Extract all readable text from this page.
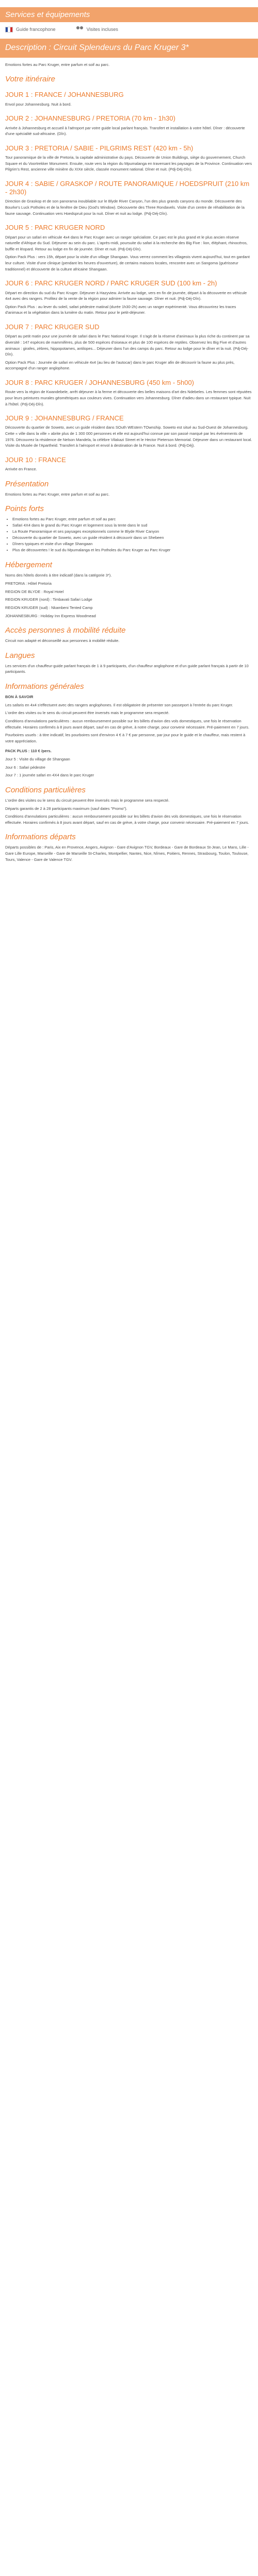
Services et équipements
Guide francophone	Visites incluses
Description : Circuit Splendeurs du Parc Kruger 3*

Emotions fortes au Parc Kruger, entre parfum et soif au parc.

Votre itinéraire
JOUR 1 : FRANCE / JOHANNESBURG

Envol pour Johannesburg. Nuit à bord.

JOUR 2 : JOHANNESBURG / PRETORIA (70 km - 1h30)

Arrivée à Johannesburg et accueil à l'aéroport par votre guide local parlant français. Transfert et installation à votre hôtel. Dîner : découverte d'une spécialité sud-africaine. (Dîn).

JOUR 3 : PRETORIA / SABIE - PILGRIMS REST (420 km - 5h)

Tour panoramique de la ville de Pretoria, la capitale administrative du pays. Découverte de Union Buildings, siège du gouvernement, Church Square et du Voortrekker Monument. Ensuite, route vers la région du Mpumalanga en traversant les paysages de la Province. Continuation vers Pilgrim's Rest, ancienne ville minière du XIXe siècle, classée monument national. Dîner et nuit. (Pdj-Déj-Dîn).

JOUR 4 : SABIE / GRASKOP / ROUTE PANORAMIQUE / HOEDSPRUIT (210 km - 2h30)

Direction de Graskop et de son panorama inoubliable sur le Blyde River Canyon, l'un des plus grands canyons du monde. Découverte des Bourke's Luck Potholes et de la fenêtre de Dieu (God's Window). Découverte des Three Rondavels. Visite d'un centre de réhabilitation de la faune sauvage. Continuation vers Hoedspruit pour la nuit. Dîner et nuit au lodge. (Pdj-Déj-Dîn).

JOUR 5 : PARC KRUGER NORD

Départ pour un safari en véhicule 4x4 dans le Parc Kruger avec un ranger spécialiste. Ce parc est le plus grand et le plus ancien réserve naturelle d'Afrique du Sud. Déjeuner au sein du parc. L'après-midi, poursuite du safari à la recherche des Big Five : lion, éléphant, rhinocéros, buffle et léopard. Retour au lodge en fin de journée. Dîner et nuit. (Pdj-Déj-Dîn).

Option Pack Plus : vers 15h, départ pour la visite d'un village Shangaan. Vous verrez comment les villageois vivent aujourd'hui, tout en gardant leur culture. Visite d'une clinique (pendant les heures d'ouverture), de certains maisons locales, rencontre avec un Sangoma (guérisseur traditionnel) et découverte de la culture africaine Shangaan.

JOUR 6 : PARC KRUGER NORD / PARC KRUGER SUD (100 km - 2h)

Départ en direction du sud du Parc Kruger. Déjeuner à Hazyview. Arrivée au lodge, vers en fin de journée, départ à la découverte en véhicule 4x4 avec des rangers. Profitez de la vente de la région pour admirer la faune sauvage. Dîner et nuit. (Pdj-Déj-Dîn).

Option Pack Plus : au lever du soleil, safari pédestre matinal (durée 1h30-2h) avec un ranger expérimenté. Vous découvrirez les traces d'animaux et la végétation dans la lumière du matin. Retour pour le petit-déjeuner.

JOUR 7 : PARC KRUGER SUD

Départ au petit matin pour une journée de safari dans le Parc National Kruger. Il s'agit de la réserve d'animaux la plus riche du continent par sa diversité : 147 espèces de mammifères, plus de 500 espèces d'oiseaux et plus de 100 espèces de reptiles. Observez les Big Five et d'autres animaux : girafes, zèbres, hippopotames, antilopes... Déjeuner dans l'un des camps du parc. Retour au lodge pour le dîner et la nuit. (Pdj-Déj-Dîn).

Option Pack Plus : Journée de safari en véhicule 4x4 (au lieu de l'autocar) dans le parc Kruger afin de découvrir la faune au plus près, accompagné d'un ranger anglophone.

JOUR 8 : PARC KRUGER / JOHANNESBURG (450 km - 5h00)

Route vers la région de Kwandebele, arrêt déjeuner à la ferme et découverte des belles maisons d'art des Ndebeles. Les femmes sont réputées pour leurs peintures murales géométriques aux couleurs vives. Continuation vers Johannesburg. Dîner d'adieu dans un restaurant typique. Nuit à l'hôtel. (Pdj-Déj-Dîn).

JOUR 9 : JOHANNESBURG / FRANCE

Découverte du quartier de Soweto, avec un guide résident dans SOuth WEstern TOwnship. Soweto est situé au Sud-Ouest de Johannesburg. Cette « ville dans la ville » abrite plus de 1 300 000 personnes et elle est aujourd'hui connue par son passé marqué par les événements de 1976. Découvrez la résidence de Nelson Mandela, la célèbre Vilakazi Street et le Hector Pieterson Memorial. Déjeuner dans un restaurant local. Visite du Musée de l'Apartheid. Transfert à l'aéroport et envol à destination de la France. Nuit à bord. (Pdj-Déj).

JOUR 10 : FRANCE

Arrivée en France.

Présentation

Emotions fortes au Parc Kruger, entre parfum et soif au parc.

Points forts
• Emotions fortes au Parc Kruger, entre parfum et soif au parc
• Safari 4X4 dans le grand du Parc Kruger et logement sous la tente dans le sud
• La Route Panoramique et ses paysages exceptionnels comme le Blyde River Canyon
• Découverte du quartier de Soweto, avec un guide résident à découvrir dans un Shebeen
• Dîners typiques et visite d'un village Shangaan
• Plus de découvertes ! le sud du Mpumalanga et les Potholes du Parc Kruger au Parc Kruger
Hébergement

Noms des hôtels donnés à titre indicatif (dans la catégorie 3*).

PRETORIA : Hôtel Pretoria

REGION DE BLYDE : Royal Hotel

REGION KRUGER (nord) : Timbavati Safari Lodge

REGION KRUGER (sud) : Nkambeni Tented Camp

JOHANNESBURG : Holiday Inn Express Woodmead

Accès personnes à mobilité réduite

Circuit non adapté et déconseillé aux personnes à mobilité réduite.

Langues

Les services d'un chauffeur-guide parlant français de 1 à 9 participants, d'un chauffeur anglophone et d'un guide parlant français à partir de 10 participants.

Informations générales

BON À SAVOIR

Les safaris en 4x4 s'effectuent avec des rangers anglophones. Il est obligatoire de présenter son passeport à l'entrée du parc Kruger.

L'ordre des visites ou le sens du circuit peuvent être inversés mais le programme sera respecté.

Conditions d'annulations particulières : aucun remboursement possible sur les billets d'avion des vols domestiques, une fois le réservation effectuée. Horaires confirmés à 8 jours avant départ, sauf en cas de grève, à notre charge, pour convenir nécessaire. Pré-paiement en 7 jours.

Pourboires usuels : à titre indicatif, les pourboires sont d'environ 4 € à 7 € par personne, par jour pour le guide et le chauffeur, mais restent à votre appréciation.

PACK PLUS : 110 € /pers.

Jour 5 : Visite du village de Shangaan

Jour 6 : Safari pédestre

Jour 7 : 1 journée safari en 4X4 dans le parc Kruger

Conditions particulières

L'ordre des visites ou le sens du circuit peuvent être inversés mais le programme sera respecté.

Départs garantis de 2 à 28 participants maximum (sauf dates "Promo").

Conditions d'annulations particulières : aucun remboursement possible sur les billets d'avion des vols domestiques, une fois le réservation effectuée. Horaires confirmés à 8 jours avant départ, sauf en cas de grève, à votre charge, pour convenir nécessaire. Pré-paiement en 7 jours.

Informations départs

Départs possibles de : Paris, Aix en Provence, Angers, Avignon - Gare d'Avignon TGV, Bordeaux - Gare de Bordeaux St-Jean, Le Mans, Lille - Gare Lille Europe, Marseille - Gare de Marseille St-Charles, Montpellier, Nantes, Nice, Nîmes, Poitiers, Rennes, Strasbourg, Toulon, Toulouse, Tours, Valence - Gare de Valence TGV.
